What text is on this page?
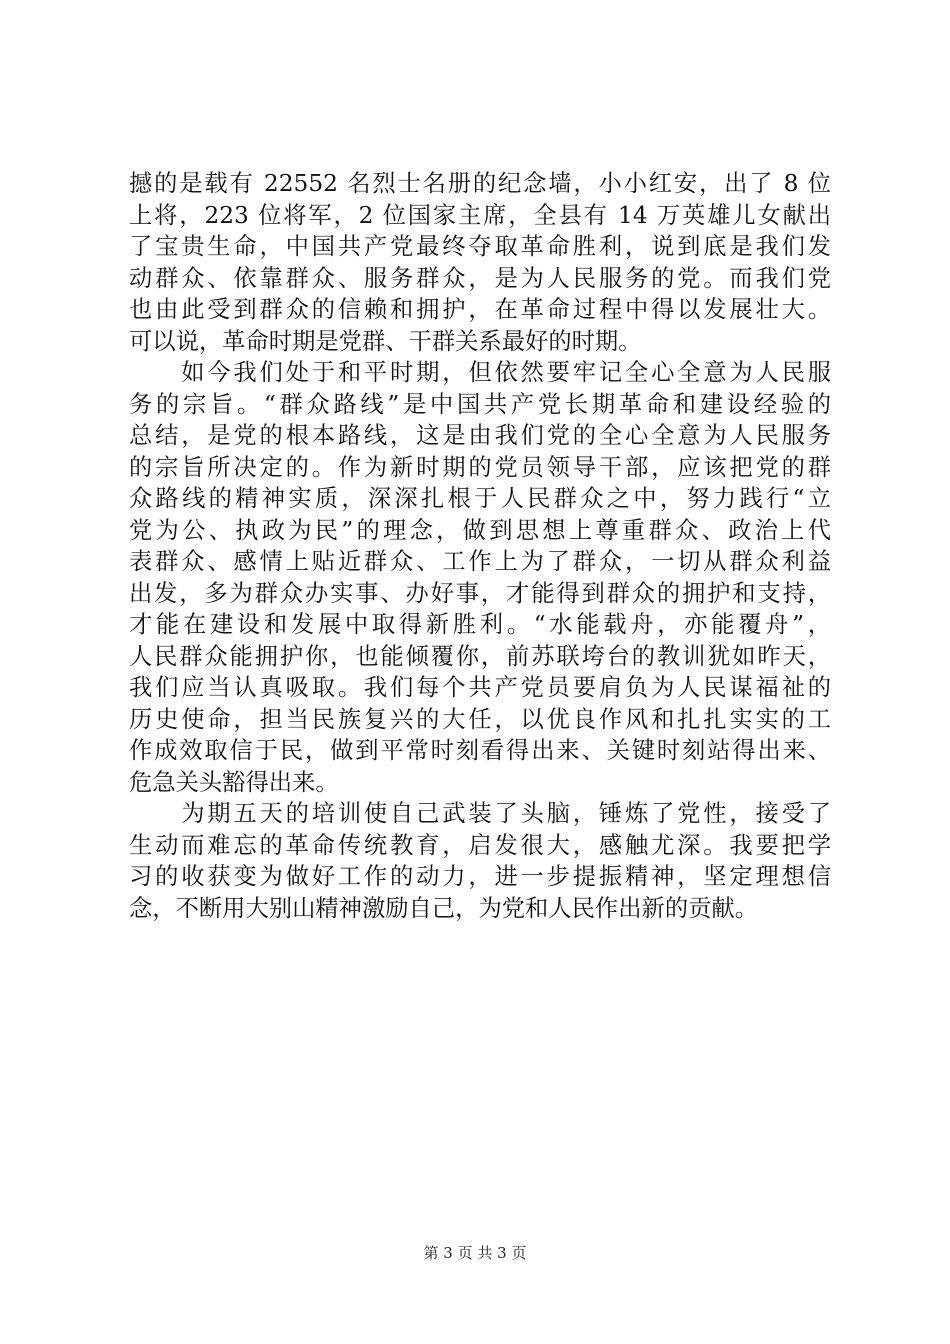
撼的是载有 22552 名烈士名册的纪念墙，小小红安，出了 8 位
上将，223 位将军，2 位国家主席，全县有 14 万英雄儿女献出
了宝贵生命，中国共产党最终夺取革命胜利，说到底是我们发
动群众、依靠群众、服务群众，是为人民服务的党。而我们党
也由此受到群众的信赖和拥护，在革命过程中得以发展壮大。
可以说，革命时期是党群、干群关系最好的时期。
　　如今我们处于和平时期，但依然要牢记全心全意为人民服
务的宗旨。“群众路线”是中国共产党长期革命和建设经验的
总结，是党的根本路线，这是由我们党的全心全意为人民服务
的宗旨所决定的。作为新时期的党员领导干部，应该把党的群
众路线的精神实质，深深扎根于人民群众之中，努力践行“立
党为公、执政为民”的理念，做到思想上尊重群众、政治上代
表群众、感情上贴近群众、工作上为了群众，一切从群众利益
出发，多为群众办实事、办好事，才能得到群众的拥护和支持，
才能在建设和发展中取得新胜利。“水能载舟，亦能覆舟”，
人民群众能拥护你，也能倾覆你，前苏联垮台的教训犹如昨天，
我们应当认真吸取。我们每个共产党员要肩负为人民谋福祉的
历史使命，担当民族复兴的大任，以优良作风和扎扎实实的工
作成效取信于民，做到平常时刻看得出来、关键时刻站得出来、
危急关头豁得出来。
　　为期五天的培训使自己武装了头脑，锤炼了党性，接受了
生动而难忘的革命传统教育，启发很大，感触尤深。我要把学
习的收获变为做好工作的动力，进一步提振精神，坚定理想信
念，不断用大别山精神激励自己，为党和人民作出新的贡献。
第 3 页 共 3 页
